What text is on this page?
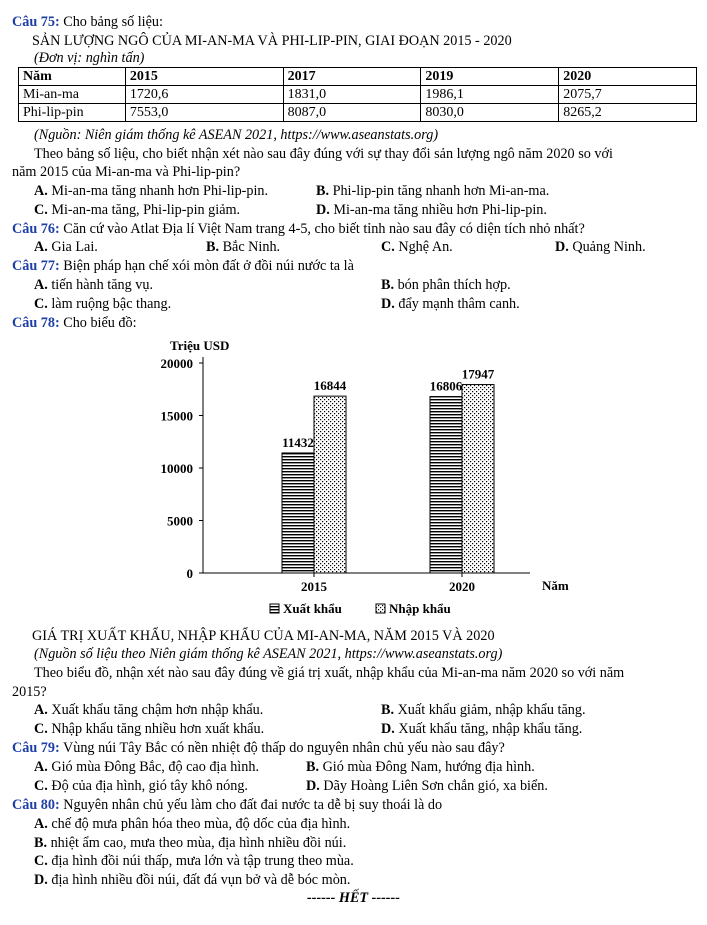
Câu 75: Cho bảng số liệu:
SẢN LƯỢNG NGÔ CỦA MI-AN-MA VÀ PHI-LIP-PIN, GIAI ĐOẠN 2015 - 2020
(Đơn vị: nghìn tấn)
Năm	2015	2017	2019	2020
Mi-an-ma	1720,6	1831,0	1986,1	2075,7
Phi-lip-pin	7553,0	8087,0	8030,0	8265,2
(Nguồn: Niên giám thống kê ASEAN 2021, https://www.aseanstats.org)
Theo bảng số liệu, cho biết nhận xét nào sau đây đúng với sự thay đổi sản lượng ngô năm 2020 so với
năm 2015 của Mi-an-ma và Phi-lip-pin?
A. Mi-an-ma tăng nhanh hơn Phi-lip-pin.	B. Phi-lip-pin tăng nhanh hơn Mi-an-ma.
C. Mi-an-ma tăng, Phi-lip-pin giảm.	D. Mi-an-ma tăng nhiều hơn Phi-lip-pin.
Câu 76: Căn cứ vào Atlat Địa lí Việt Nam trang 4-5, cho biết tỉnh nào sau đây có diện tích nhỏ nhất?
A. Gia Lai.	B. Bắc Ninh.	C. Nghệ An.	D. Quảng Ninh.
Câu 77: Biện pháp hạn chế xói mòn đất ở đồi núi nước ta là
A. tiến hành tăng vụ.	B. bón phân thích hợp.
C. làm ruộng bậc thang.	D. đẩy mạnh thâm canh.
Câu 78: Cho biểu đồ:
0
5000
10000
15000
20000
Triệu USD
Năm
2015	2020
11432
16844	16806
17947
Xuất khẩu	Nhập khẩu
GIÁ TRỊ XUẤT KHẨU, NHẬP KHẨU CỦA MI-AN-MA, NĂM 2015 VÀ 2020
(Nguồn số liệu theo Niên giám thống kê ASEAN 2021, https://www.aseanstats.org)
Theo biểu đồ, nhận xét nào sau đây đúng về giá trị xuất, nhập khẩu của Mi-an-ma năm 2020 so với năm
2015?
A. Xuất khẩu tăng chậm hơn nhập khẩu.	B. Xuất khẩu giảm, nhập khẩu tăng.
C. Nhập khẩu tăng nhiều hơn xuất khẩu.	D. Xuất khẩu tăng, nhập khẩu tăng.
Câu 79: Vùng núi Tây Bắc có nền nhiệt độ thấp do nguyên nhân chủ yếu nào sau đây?
A. Gió mùa Đông Bắc, độ cao địa hình.	B. Gió mùa Đông Nam, hướng địa hình.
C. Độ của địa hình, gió tây khô nóng.	D. Dãy Hoàng Liên Sơn chắn gió, xa biển.
Câu 80: Nguyên nhân chủ yếu làm cho đất đai nước ta dễ bị suy thoái là do
A. chế độ mưa phân hóa theo mùa, độ dốc của địa hình.
B. nhiệt ẩm cao, mưa theo mùa, địa hình nhiều đồi núi.
C. địa hình đồi núi thấp, mưa lớn và tập trung theo mùa.
D. địa hình nhiều đồi núi, đất đá vụn bở và dễ bóc mòn.
------ HẾT ------
